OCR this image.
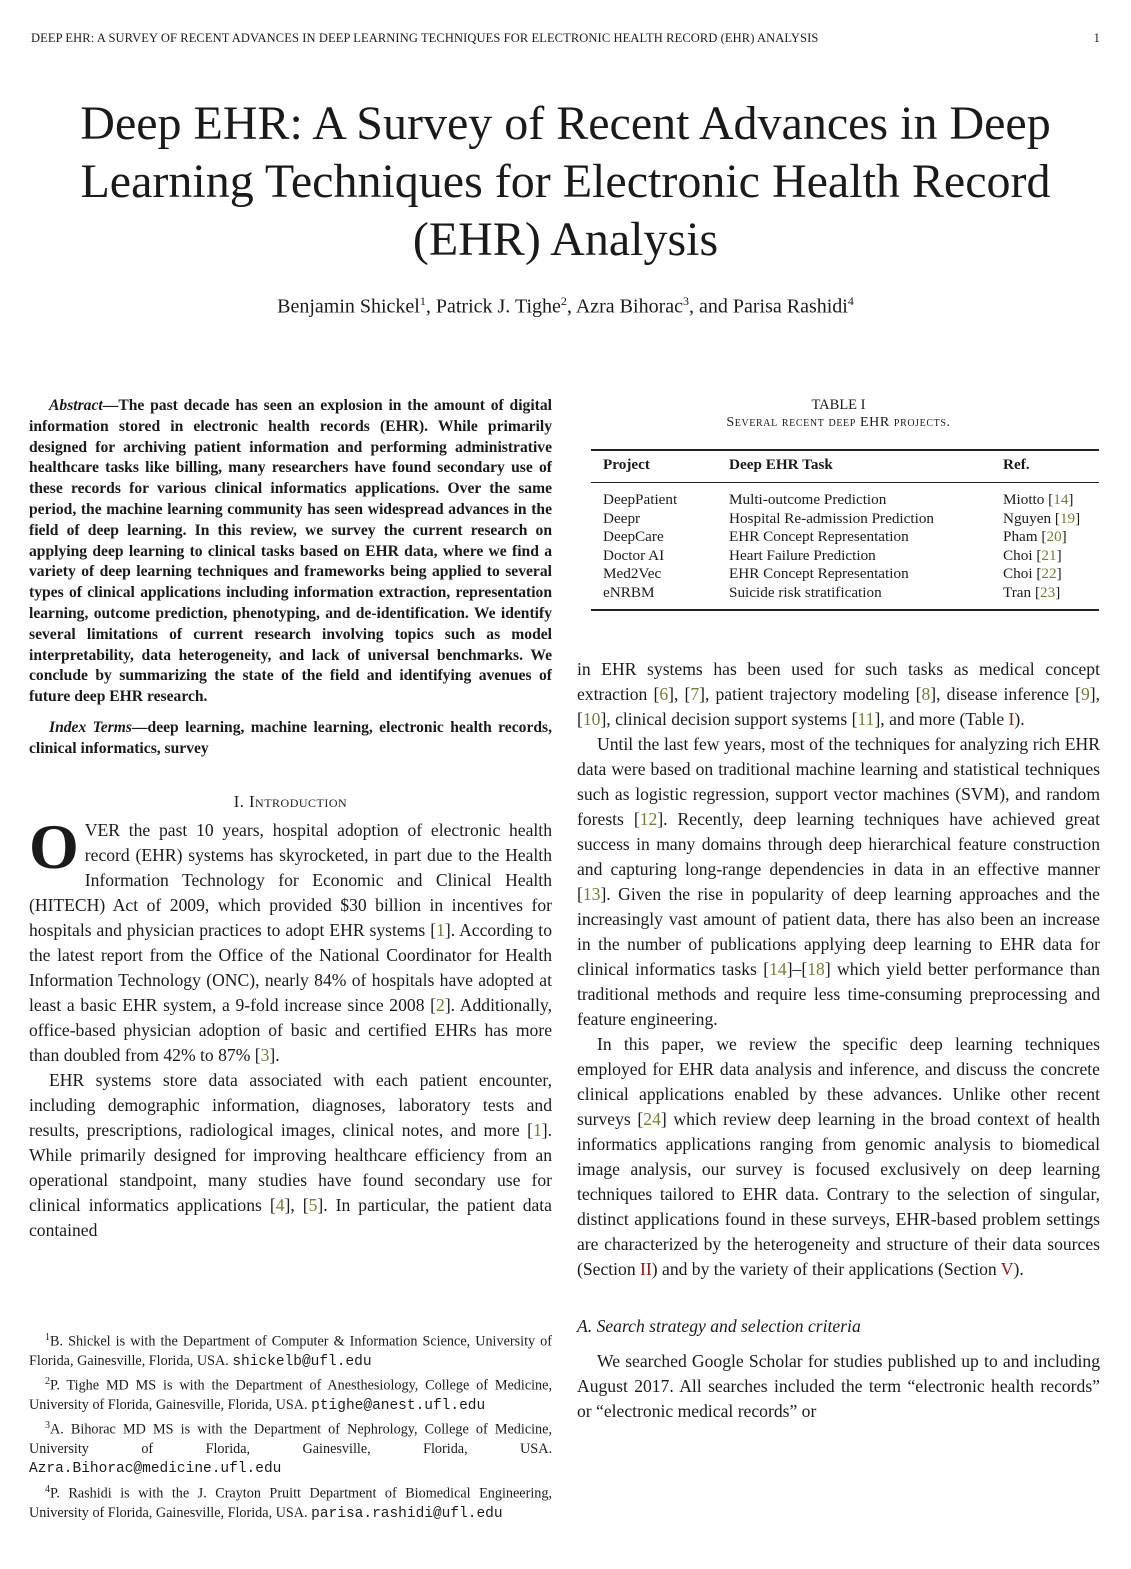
DEEP EHR: A SURVEY OF RECENT ADVANCES IN DEEP LEARNING TECHNIQUES FOR ELECTRONIC HEALTH RECORD (EHR) ANALYSIS	1
Deep EHR: A Survey of Recent Advances in Deep
Learning Techniques for Electronic Health Record
(EHR) Analysis
Benjamin Shickel$^1$, Patrick J. Tighe$^2$, Azra Bihorac$^3$, and Parisa Rashidi$^4$

Abstract—The past decade has seen an explosion in the amount of digital information stored in electronic health records (EHR). While primarily designed for archiving patient information and performing administrative healthcare tasks like billing, many researchers have found secondary use of these records for various clinical informatics applications. Over the same period, the machine learning community has seen widespread advances in the field of deep learning. In this review, we survey the current research on applying deep learning to clinical tasks based on EHR data, where we find a variety of deep learning techniques and frameworks being applied to several types of clinical applications including information extraction, representation learning, outcome prediction, phenotyping, and de-identification. We identify several limitations of current research involving topics such as model interpretability, data heterogeneity, and lack of universal benchmarks. We conclude by summarizing the state of the field and identifying avenues of future deep EHR research.

Index Terms—deep learning, machine learning, electronic health records, clinical informatics, survey

I. Introduction

OVER the past 10 years, hospital adoption of electronic health record (EHR) systems has skyrocketed, in part due to the Health Information Technology for Economic and Clinical Health (HITECH) Act of 2009, which provided $30 billion in incentives for hospitals and physician practices to adopt EHR systems [1]. According to the latest report from the Office of the National Coordinator for Health Information Technology (ONC), nearly 84% of hospitals have adopted at least a basic EHR system, a 9-fold increase since 2008 [2]. Additionally, office-based physician adoption of basic and certified EHRs has more than doubled from 42% to 87% [3].

EHR systems store data associated with each patient encounter, including demographic information, diagnoses, laboratory tests and results, prescriptions, radiological images, clinical notes, and more [1]. While primarily designed for improving healthcare efficiency from an operational standpoint, many studies have found secondary use for clinical informatics applications [4], [5]. In particular, the patient data contained

$^1$B. Shickel is with the Department of Computer & Information Science, University of Florida, Gainesville, Florida, USA. shickelb@ufl.edu

$^2$P. Tighe MD MS is with the Department of Anesthesiology, College of Medicine, University of Florida, Gainesville, Florida, USA. ptighe@anest.ufl.edu

$^3$A. Bihorac MD MS is with the Department of Nephrology, College of Medicine, University of Florida, Gainesville, Florida, USA. Azra.Bihorac@medicine.ufl.edu

$^4$P. Rashidi is with the J. Crayton Pruitt Department of Biomedical Engineering, University of Florida, Gainesville, Florida, USA. parisa.rashidi@ufl.edu

TABLE I

Several recent deep EHR projects.

Project	Deep EHR Task	Ref.
DeepPatient	Multi-outcome Prediction	Miotto [14]
Deepr	Hospital Re-admission Prediction	Nguyen [19]
DeepCare	EHR Concept Representation	Pham [20]
Doctor AI	Heart Failure Prediction	Choi [21]
Med2Vec	EHR Concept Representation	Choi [22]
eNRBM	Suicide risk stratification	Tran [23]

in EHR systems has been used for such tasks as medical concept extraction [6], [7], patient trajectory modeling [8], disease inference [9], [10], clinical decision support systems [11], and more (Table I).

Until the last few years, most of the techniques for analyzing rich EHR data were based on traditional machine learning and statistical techniques such as logistic regression, support vector machines (SVM), and random forests [12]. Recently, deep learning techniques have achieved great success in many domains through deep hierarchical feature construction and capturing long-range dependencies in data in an effective manner [13]. Given the rise in popularity of deep learning approaches and the increasingly vast amount of patient data, there has also been an increase in the number of publications applying deep learning to EHR data for clinical informatics tasks [14]–[18] which yield better performance than traditional methods and require less time-consuming preprocessing and feature engineering.

In this paper, we review the specific deep learning techniques employed for EHR data analysis and inference, and discuss the concrete clinical applications enabled by these advances. Unlike other recent surveys [24] which review deep learning in the broad context of health informatics applications ranging from genomic analysis to biomedical image analysis, our survey is focused exclusively on deep learning techniques tailored to EHR data. Contrary to the selection of singular, distinct applications found in these surveys, EHR-based problem settings are characterized by the heterogeneity and structure of their data sources (Section II) and by the variety of their applications (Section V).

A. Search strategy and selection criteria

We searched Google Scholar for studies published up to and including August 2017. All searches included the term “electronic health records” or “electronic medical records” or
